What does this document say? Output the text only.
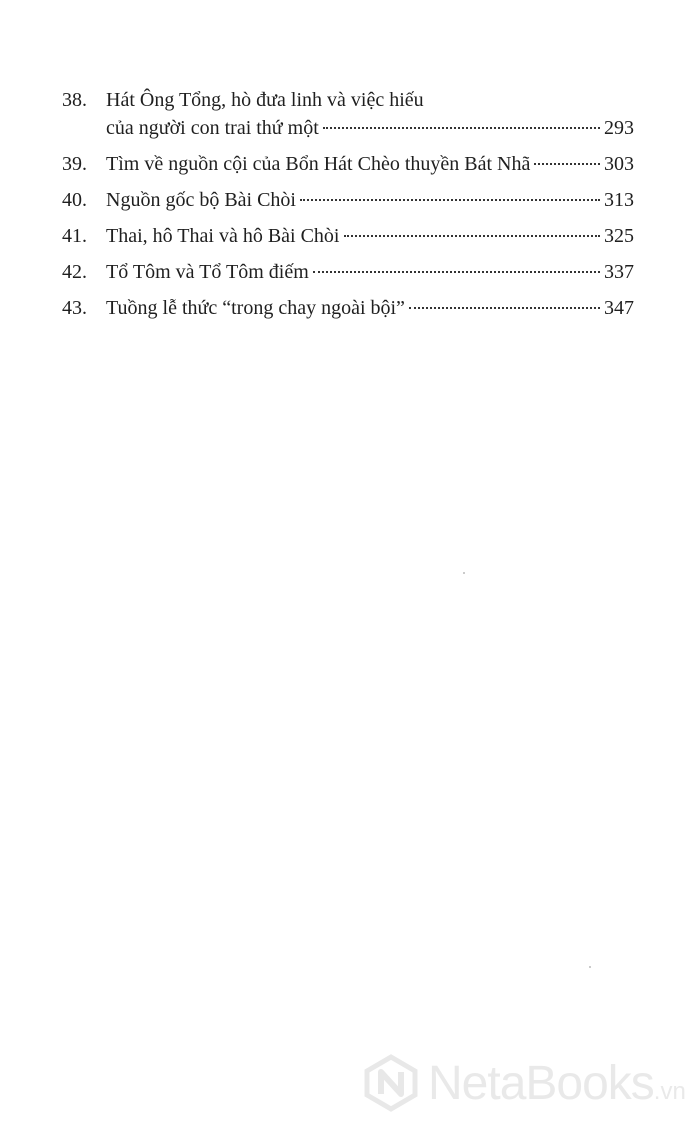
38. Hát Ông Tổng, hò đưa linh và việc hiếu
của người con trai thứ một	293
39. Tìm về nguồn cội của Bổn Hát Chèo thuyền Bát Nhã	303
40. Nguồn gốc bộ Bài Chòi	313
41. Thai, hô Thai và hô Bài Chòi	325
42. Tổ Tôm và Tổ Tôm điếm	337
43. Tuồng lễ thức “trong chay ngoài bội”	347
NetaBooks.vn
